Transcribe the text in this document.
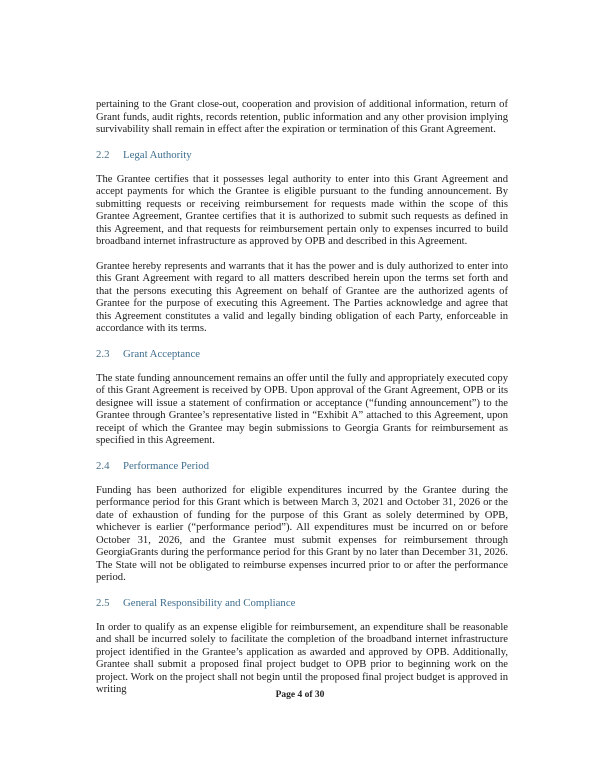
pertaining to the Grant close-out, cooperation and provision of additional information, return of Grant funds, audit rights, records retention, public information and any other provision implying survivability shall remain in effect after the expiration or termination of this Grant Agreement.

2.2	Legal Authority

The Grantee certifies that it possesses legal authority to enter into this Grant Agreement and accept payments for which the Grantee is eligible pursuant to the funding announcement. By submitting requests or receiving reimbursement for requests made within the scope of this Grantee Agreement, Grantee certifies that it is authorized to submit such requests as defined in this Agreement, and that requests for reimbursement pertain only to expenses incurred to build broadband internet infrastructure as approved by OPB and described in this Agreement.

Grantee hereby represents and warrants that it has the power and is duly authorized to enter into this Grant Agreement with regard to all matters described herein upon the terms set forth and that the persons executing this Agreement on behalf of Grantee are the authorized agents of Grantee for the purpose of executing this Agreement. The Parties acknowledge and agree that this Agreement constitutes a valid and legally binding obligation of each Party, enforceable in accordance with its terms.

2.3	Grant Acceptance

The state funding announcement remains an offer until the fully and appropriately executed copy of this Grant Agreement is received by OPB. Upon approval of the Grant Agreement, OPB or its designee will issue a statement of confirmation or acceptance (“funding announcement”) to the Grantee through Grantee’s representative listed in “Exhibit A” attached to this Agreement, upon receipt of which the Grantee may begin submissions to Georgia Grants for reimbursement as specified in this Agreement.

2.4	Performance Period

Funding has been authorized for eligible expenditures incurred by the Grantee during the performance period for this Grant which is between March 3, 2021 and October 31, 2026 or the date of exhaustion of funding for the purpose of this Grant as solely determined by OPB, whichever is earlier (“performance period”). All expenditures must be incurred on or before October 31, 2026, and the Grantee must submit expenses for reimbursement through GeorgiaGrants during the performance period for this Grant by no later than December 31, 2026. The State will not be obligated to reimburse expenses incurred prior to or after the performance period.

2.5	General Responsibility and Compliance

In order to qualify as an expense eligible for reimbursement, an expenditure shall be reasonable and shall be incurred solely to facilitate the completion of the broadband internet infrastructure project identified in the Grantee’s application as awarded and approved by OPB. Additionally, Grantee shall submit a proposed final project budget to OPB prior to beginning work on the project. Work on the project shall not begin until the proposed final project budget is approved in writing	Page 4 of 30
